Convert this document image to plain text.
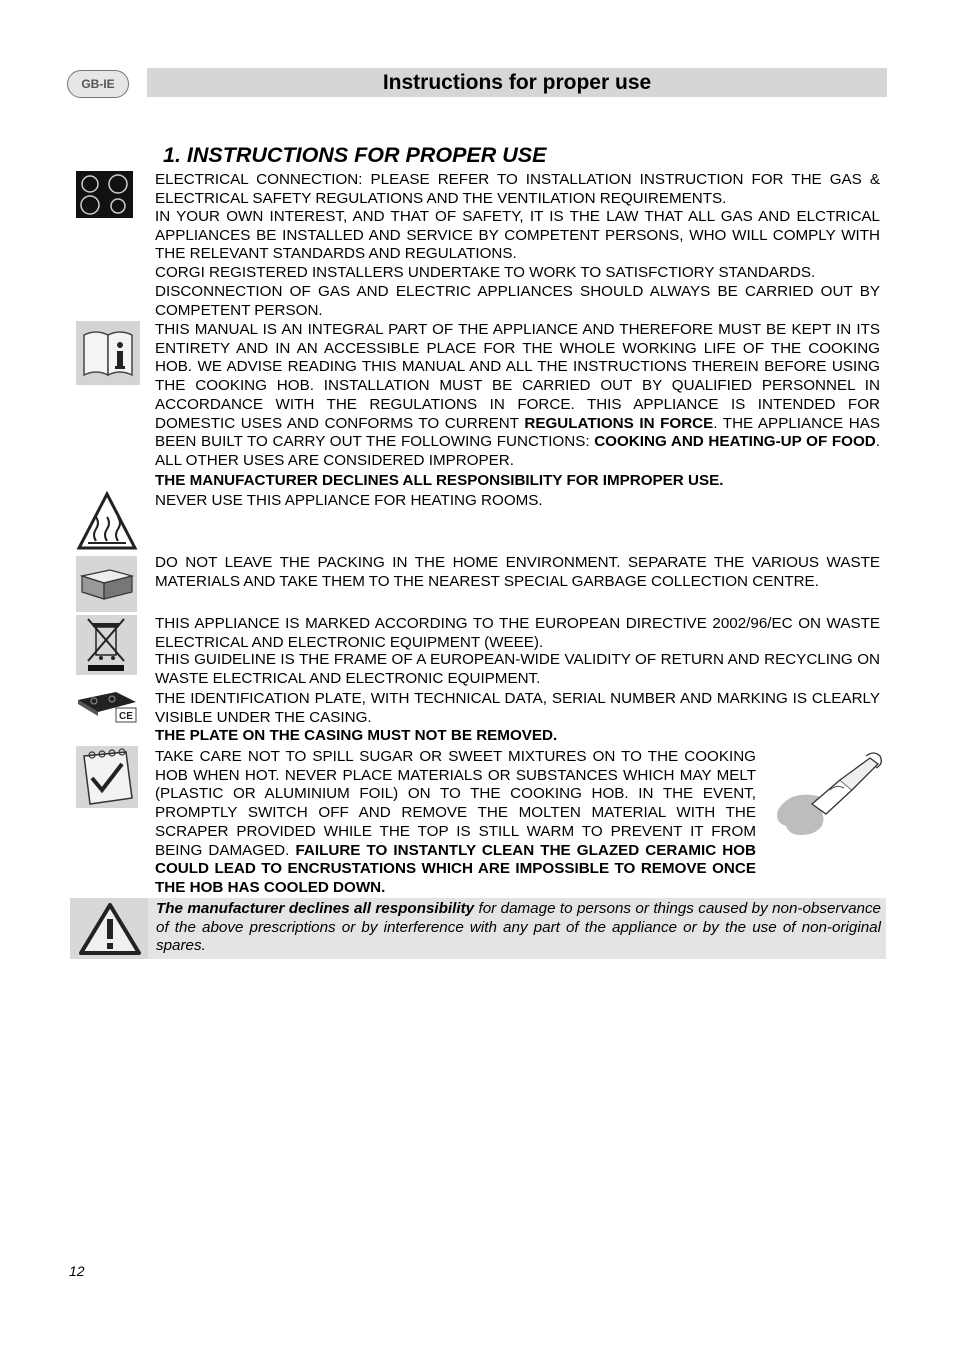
GB-IE	Instructions for proper use
1. INSTRUCTIONS FOR PROPER USE

ELECTRICAL CONNECTION: PLEASE REFER TO INSTALLATION INSTRUCTION FOR THE GAS & ELECTRICAL SAFETY REGULATIONS AND THE VENTILATION REQUIREMENTS.

IN YOUR OWN INTEREST, AND THAT OF SAFETY, IT IS THE LAW THAT ALL GAS AND ELCTRICAL APPLIANCES BE INSTALLED AND SERVICE BY COMPETENT PERSONS, WHO WILL COMPLY WITH THE RELEVANT STANDARDS AND REGULATIONS.

CORGI REGISTERED INSTALLERS UNDERTAKE TO WORK TO SATISFCTIORY STANDARDS.

DISCONNECTION OF GAS AND ELECTRIC APPLIANCES SHOULD ALWAYS BE CARRIED OUT BY COMPETENT PERSON.

THIS MANUAL IS AN INTEGRAL PART OF THE APPLIANCE AND THEREFORE MUST BE KEPT IN ITS ENTIRETY AND IN AN ACCESSIBLE PLACE FOR THE WHOLE WORKING LIFE OF THE COOKING HOB. WE ADVISE READING THIS MANUAL AND ALL THE INSTRUCTIONS THEREIN BEFORE USING THE COOKING HOB. INSTALLATION MUST BE CARRIED OUT BY QUALIFIED PERSONNEL IN ACCORDANCE WITH THE REGULATIONS IN FORCE. THIS APPLIANCE IS INTENDED FOR DOMESTIC USES AND CONFORMS TO CURRENT REGULATIONS IN FORCE. THE APPLIANCE HAS BEEN BUILT TO CARRY OUT THE FOLLOWING FUNCTIONS: COOKING AND HEATING-UP OF FOOD. ALL OTHER USES ARE CONSIDERED IMPROPER.

THE MANUFACTURER DECLINES ALL RESPONSIBILITY FOR IMPROPER USE.

NEVER USE THIS APPLIANCE FOR HEATING ROOMS.

DO NOT LEAVE THE PACKING IN THE HOME ENVIRONMENT. SEPARATE THE VARIOUS WASTE MATERIALS AND TAKE THEM TO THE NEAREST SPECIAL GARBAGE COLLECTION CENTRE.

THIS APPLIANCE IS MARKED ACCORDING TO THE EUROPEAN DIRECTIVE 2002/96/EC ON WASTE ELECTRICAL AND ELECTRONIC EQUIPMENT (WEEE).

THIS GUIDELINE IS THE FRAME OF A EUROPEAN-WIDE VALIDITY OF RETURN AND RECYCLING ON WASTE ELECTRICAL AND ELECTRONIC EQUIPMENT.

CE

THE IDENTIFICATION PLATE, WITH TECHNICAL DATA, SERIAL NUMBER AND MARKING IS CLEARLY VISIBLE UNDER THE CASING.

THE PLATE ON THE CASING MUST NOT BE REMOVED.

TAKE CARE NOT TO SPILL SUGAR OR SWEET MIXTURES ON TO THE COOKING HOB WHEN HOT. NEVER PLACE MATERIALS OR SUBSTANCES WHICH MAY MELT (PLASTIC OR ALUMINIUM FOIL) ON TO THE COOKING HOB. IN THE EVENT, PROMPTLY SWITCH OFF AND REMOVE THE MOLTEN MATERIAL WITH THE SCRAPER PROVIDED WHILE THE TOP IS STILL WARM TO PREVENT IT FROM BEING DAMAGED. FAILURE TO INSTANTLY CLEAN THE GLAZED CERAMIC HOB COULD LEAD TO ENCRUSTATIONS WHICH ARE IMPOSSIBLE TO REMOVE ONCE THE HOB HAS COOLED DOWN.

The manufacturer declines all responsibility for damage to persons or things caused by non-observance of the above prescriptions or by interference with any part of the appliance or by the use of non-original spares.
12
